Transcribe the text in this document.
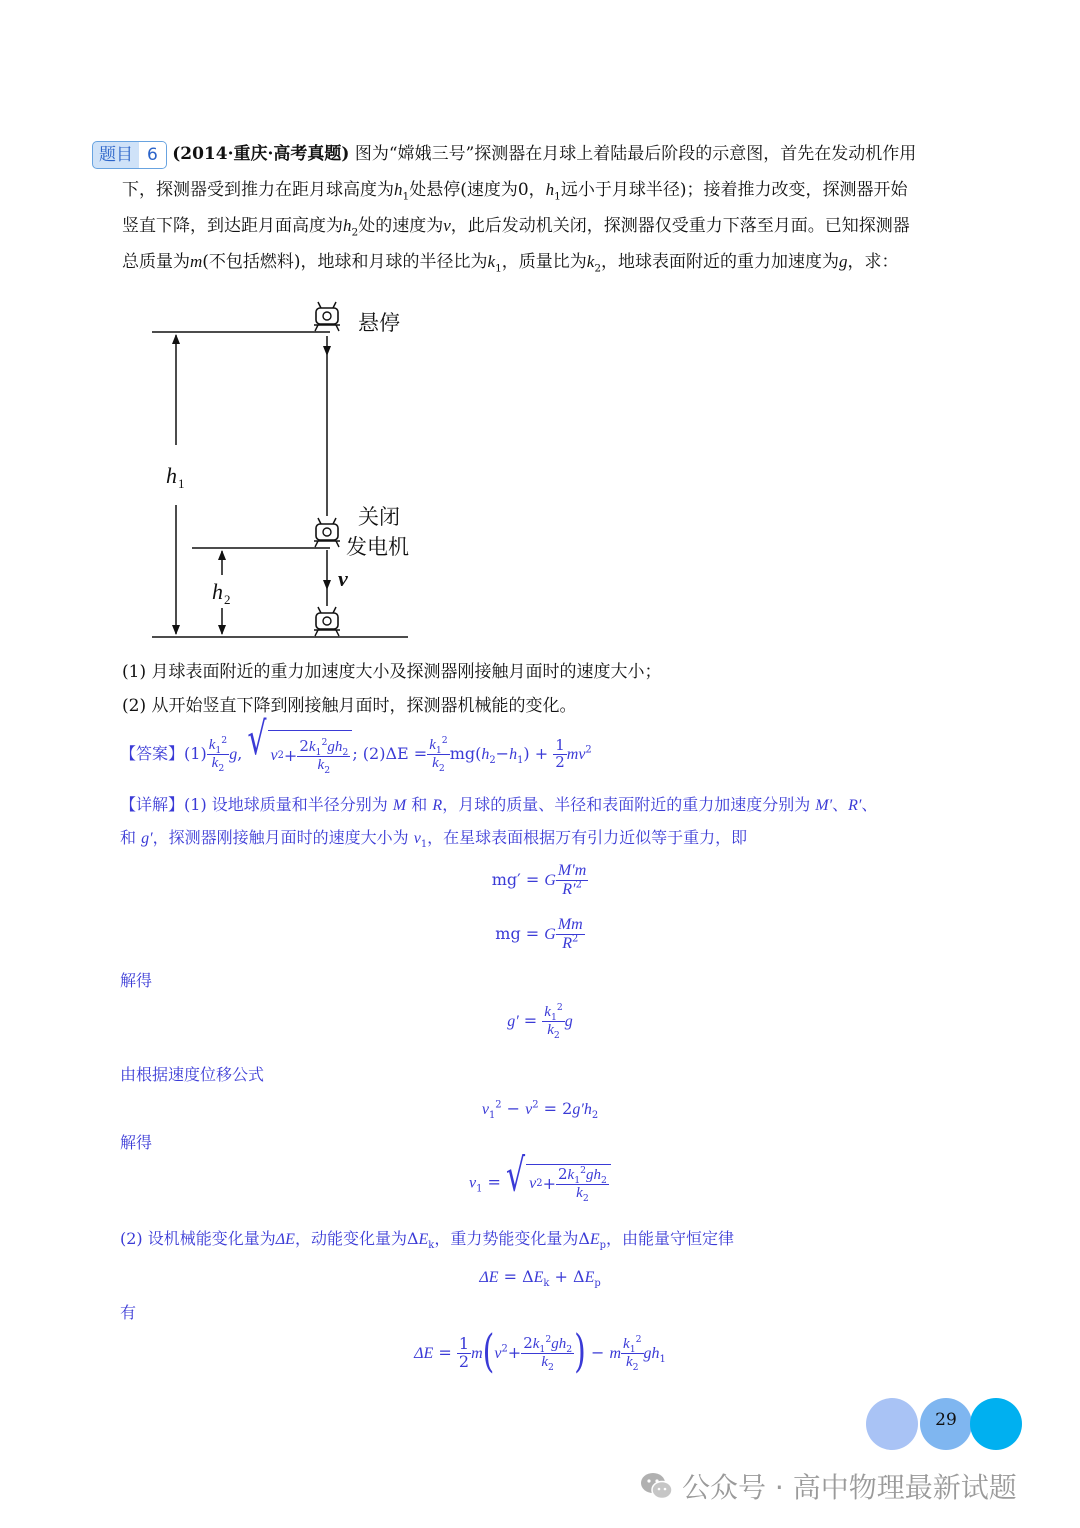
题目 6 (2014·重庆·高考真题) 图为“嫦娥三号”探测器在月球上着陆最后阶段的示意图，首先在发动机作用
下，探测器受到推力在距月球高度为$h_1$处悬停(速度为0，$h_1$远小于月球半径)；接着推力改变，探测器开始
竖直下降，到达距月面高度为$h_2$处的速度为v，此后发动机关闭，探测器仅受重力下落至月面。已知探测器
总质量为m(不包括燃料)，地球和月球的半径比为$k_1$，质量比为$k_2$，地球表面附近的重力加速度为g，求：
悬停
关闭
发电机
h 1
h 2
v
(1) 月球表面附近的重力加速度大小及探测器刚接触月面时的速度大小；
(2) 从开始竖直下降到刚接触月面时，探测器机械能的变化。
【答案】$(1) \frac{k_1^2}{k_2} g$, √ v $2 + \frac{2k_1^2gh_2}{k_2}$ ; $(2)\Delta E = \frac{k_1^2}{k_2} mg(h_2-h_1) + \frac{1}{2} mv^2$
【详解】(1) 设地球质量和半径分别为 M 和 R，月球的质量、半径和表面附近的重力加速度分别为 M′、R′、
和 g′，探测器刚接触月面时的速度大小为 $v_1$，在星球表面根据万有引力近似等于重力，即
mg′ = G $\frac{M'm}{R'^2}$
mg = G $\frac{Mm}{R^2}$
解得
$g' = \frac{k_1^2}{k_2}$ g
由根据速度位移公式
$v_1^2 - v^2 = 2g'h_2$
解得
$v_1$ = √ v $2 + \frac{2k_1^2gh_2}{k_2}$
(2) 设机械能变化量为ΔE，动能变化量为$\Delta E_k$，重力势能变化量为$\Delta E_p$，由能量守恒定律
$\Delta E = \Delta E_k + \Delta E_p$
有
$\Delta E = \frac{1}{2} m(v^2+ \frac{2k_1^2gh_2}{k_2}$ ) − m $\frac{k_1^2}{k_2} gh_1$
29
公众号 · 高中物理最新试题
